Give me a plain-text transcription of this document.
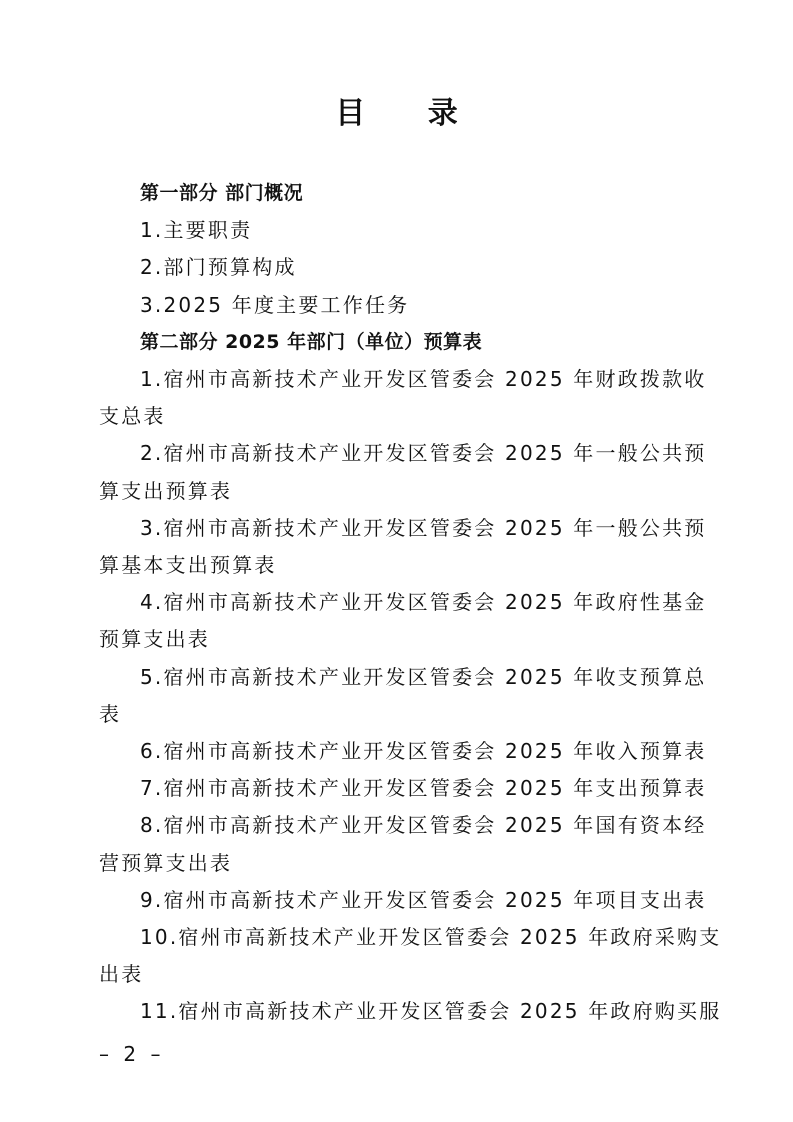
目 录
第一部分 部门概况
1.主要职责
2.部门预算构成
3.2025 年度主要工作任务
第二部分 2025 年部门（单位）预算表
1.宿州市高新技术产业开发区管委会 2025 年财政拨款收
支总表
2.宿州市高新技术产业开发区管委会 2025 年一般公共预
算支出预算表
3.宿州市高新技术产业开发区管委会 2025 年一般公共预
算基本支出预算表
4.宿州市高新技术产业开发区管委会 2025 年政府性基金
预算支出表
5.宿州市高新技术产业开发区管委会 2025 年收支预算总
表
6.宿州市高新技术产业开发区管委会 2025 年收入预算表
7.宿州市高新技术产业开发区管委会 2025 年支出预算表
8.宿州市高新技术产业开发区管委会 2025 年国有资本经
营预算支出表
9.宿州市高新技术产业开发区管委会 2025 年项目支出表
10.宿州市高新技术产业开发区管委会 2025 年政府采购支
出表
11.宿州市高新技术产业开发区管委会 2025 年政府购买服
– 2 –
